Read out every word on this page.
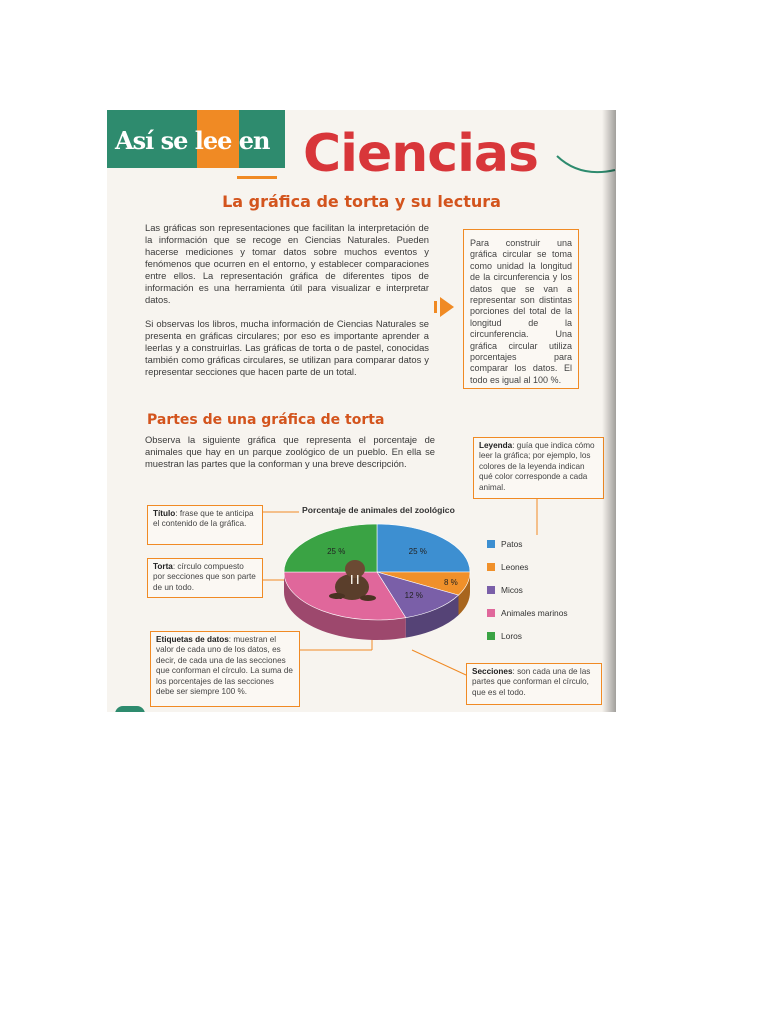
Así se lee en Ciencias
La gráfica de torta y su lectura
Las gráficas son representaciones que facilitan la interpretación de la información que se recoge en Ciencias Naturales. Pueden hacerse mediciones y tomar datos sobre muchos eventos y fenómenos que ocurren en el entorno, y establecer comparaciones entre ellos. La representación gráfica de diferentes tipos de información es una herramienta útil para visualizar e interpretar datos.
Si observas los libros, mucha información de Ciencias Naturales se presenta en gráficas circulares; por eso es importante aprender a leerlas y a construirlas. Las gráficas de torta o de pastel, conocidas también como gráficas circulares, se utilizan para comparar datos y representar secciones que hacen parte de un total.
Para construir una gráfica circular se toma como unidad la longitud de la circunferencia y los datos que se van a representar son distintas porciones del total de la longitud de la circunferencia. Una gráfica circular utiliza porcentajes para comparar los datos. El todo es igual al 100 %.
Partes de una gráfica de torta
Observa la siguiente gráfica que representa el porcentaje de animales que hay en un parque zoológico de un pueblo. En ella se muestran las partes que la conforman y una breve descripción.
Leyenda: guía que indica cómo leer la gráfica; por ejemplo, los colores de la leyenda indican qué color corresponde a cada animal.
Título: frase que te anticipa el contenido de la gráfica.
Torta: círculo compuesto por secciones que son parte de un todo.
Etiquetas de datos: muestran el valor de cada uno de los datos, es decir, de cada una de las secciones que conforman el círculo. La suma de los porcentajes de las secciones debe ser siempre 100 %.
Secciones: son cada una de las partes que conforman el círculo, que es el todo.
Porcentaje de animales del zoológico
25 %
8 %
12 %
25 %
Patos
Leones
Micos
Animales marinos
Loros
